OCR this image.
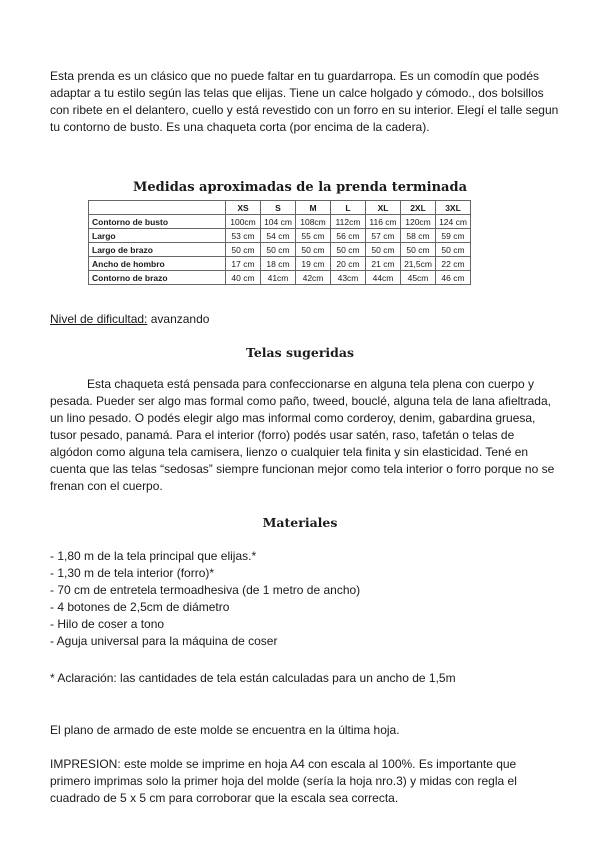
Esta prenda es un clásico que no puede faltar en tu guardarropa. Es un comodín que podés adaptar a tu estilo según las telas que elijas. Tiene un calce holgado y cómodo., dos bolsillos con ribete en el delantero, cuello y está revestido con un forro en su interior. Elegí el talle segun tu contorno de busto. Es una chaqueta corta (por encima de la cadera).

Medidas aproximadas de la prenda terminada
	XS	S	M	L	XL	2XL	3XL
Contorno de busto	100cm	104 cm	108cm	112cm	116 cm	120cm	124 cm
Largo	53 cm	54 cm	55 cm	56 cm	57 cm	58 cm	59 cm
Largo de brazo	50 cm	50 cm	50 cm	50 cm	50 cm	50 cm	50 cm
Ancho de hombro	17 cm	18 cm	19 cm	20 cm	21 cm	21,5cm	22 cm
Contorno de brazo	40 cm	41cm	42cm	43cm	44cm	45cm	46 cm

Nivel de dificultad: avanzando

Telas sugeridas

Esta chaqueta está pensada para confeccionarse en alguna tela plena con cuerpo y pesada. Pueder ser algo mas formal como paño, tweed, bouclé, alguna tela de lana afieltrada, un lino pesado. O podés elegir algo mas informal como corderoy, denim, gabardina gruesa, tusor pesado, panamá. Para el interior (forro) podés usar satén, raso, tafetán o telas de algódon como alguna tela camisera, lienzo o cualquier tela finita y sin elasticidad. Tené en cuenta que las telas “sedosas” siempre funcionan mejor como tela interior o forro porque no se frenan con el cuerpo.

Materiales
- 1,80 m de la tela principal que elijas.*
- 1,30 m de tela interior (forro)*
- 70 cm de entretela termoadhesiva (de 1 metro de ancho)
- 4 botones de 2,5cm de diámetro
- Hilo de coser a tono
- Aguja universal para la máquina de coser

* Aclaración: las cantidades de tela están calculadas para un ancho de 1,5m

El plano de armado de este molde se encuentra en la última hoja.

IMPRESION: este molde se imprime en hoja A4 con escala al 100%. Es importante que primero imprimas solo la primer hoja del molde (sería la hoja nro.3) y midas con regla el cuadrado de 5 x 5 cm para corroborar que la escala sea correcta.
